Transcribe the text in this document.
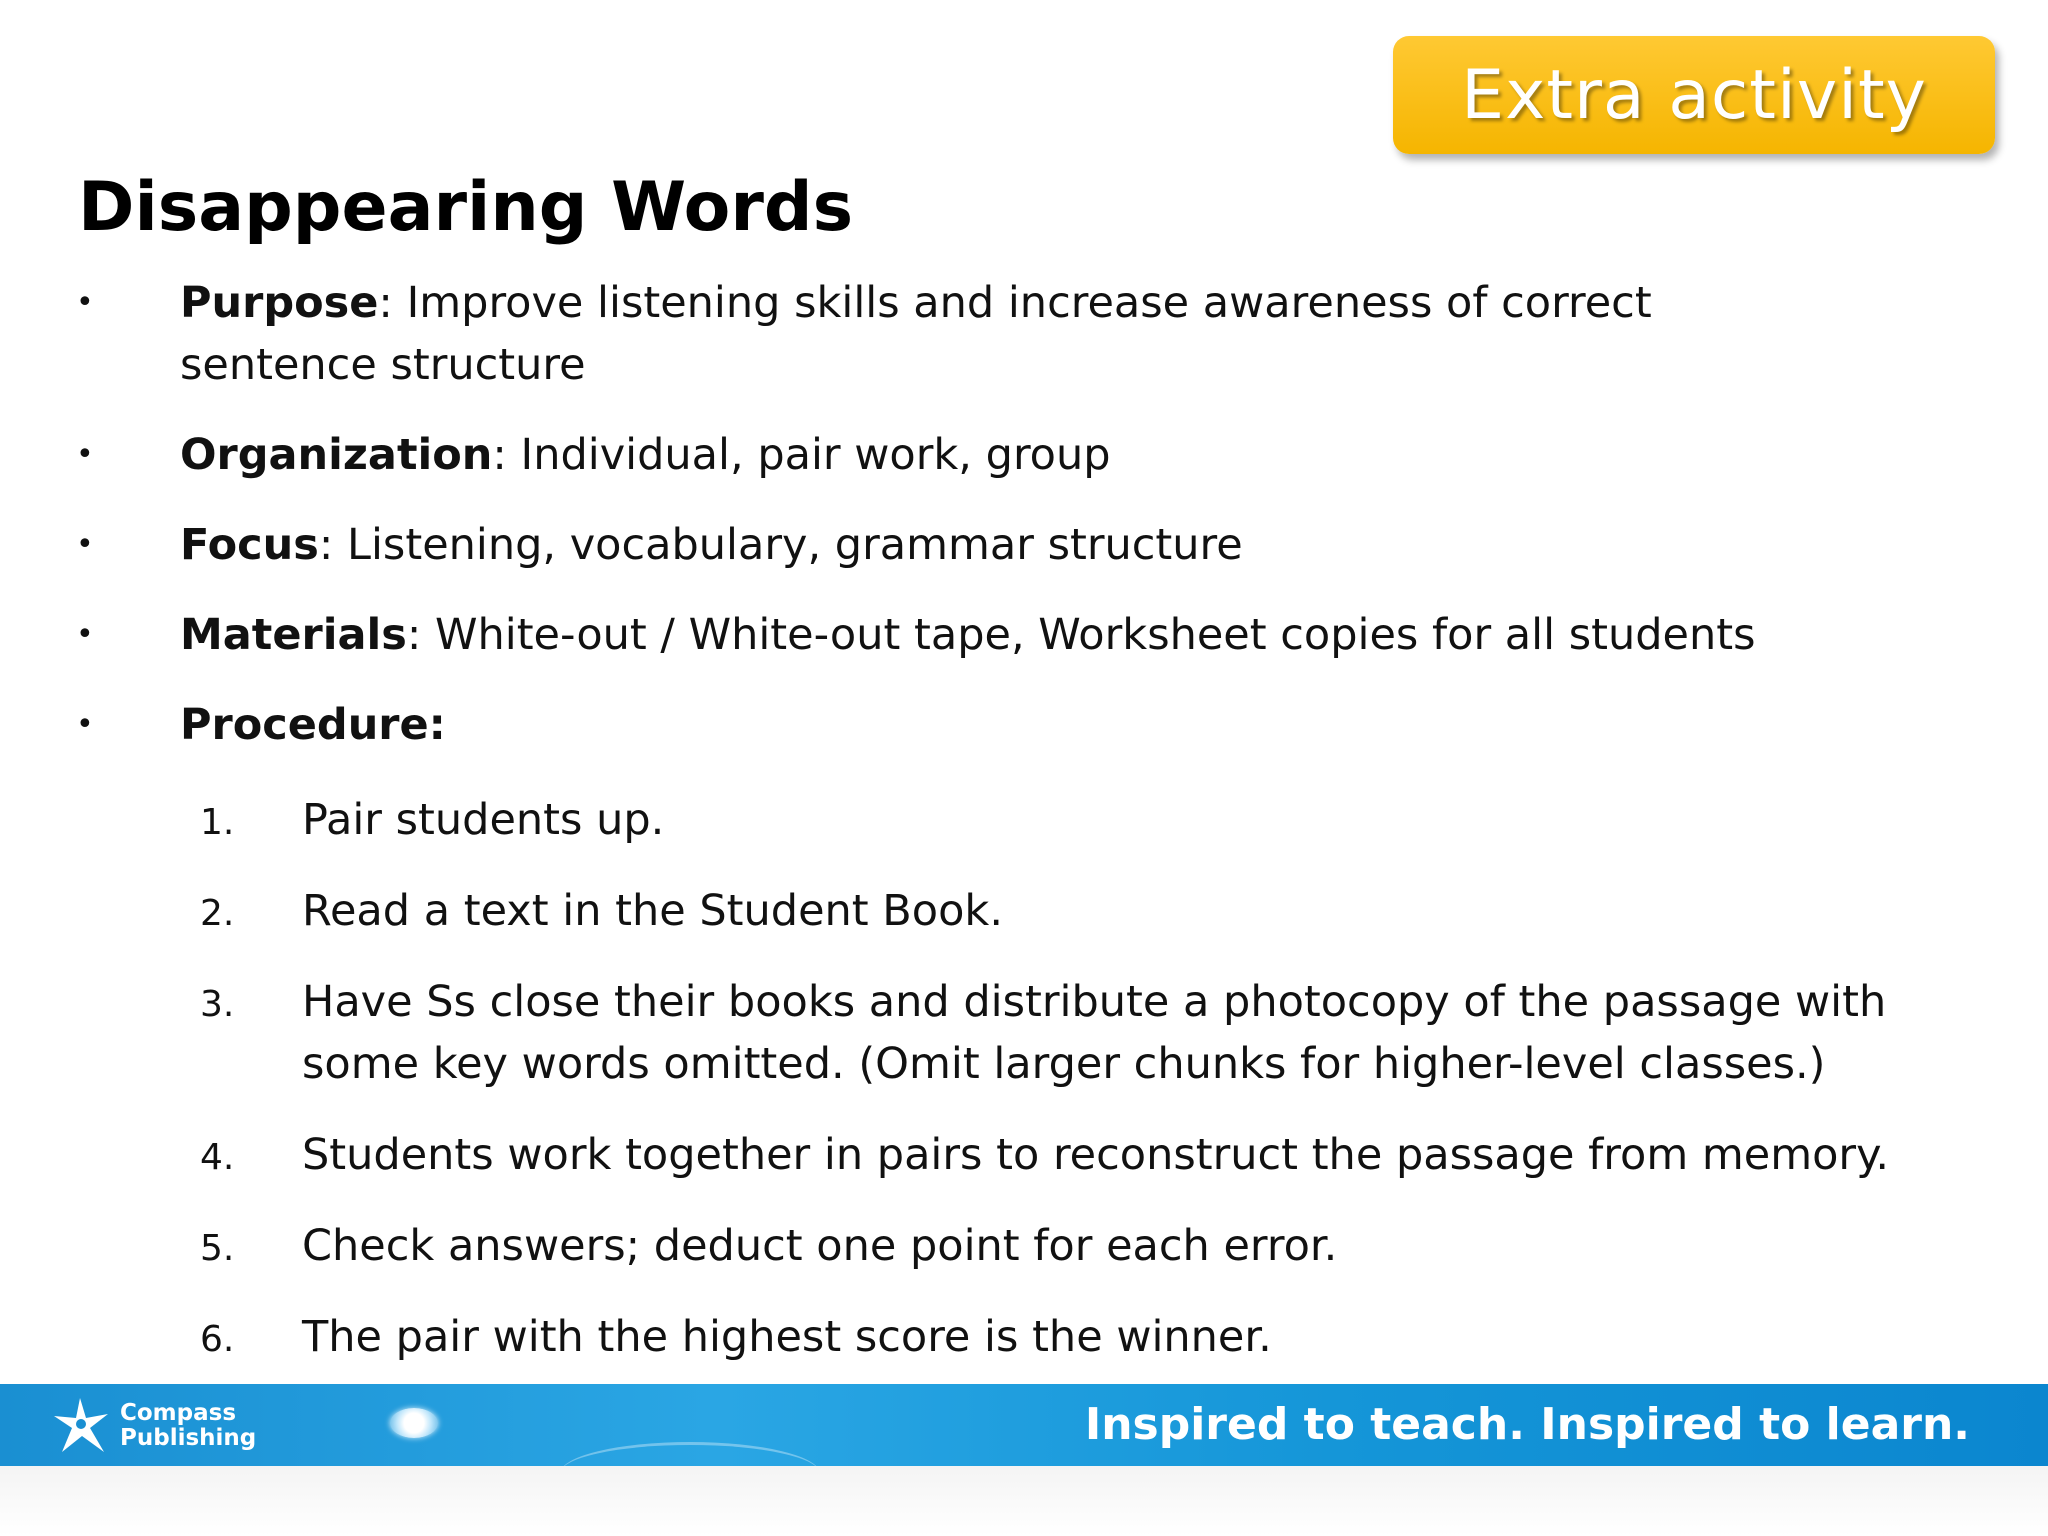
Extra activity
Disappearing Words
• Purpose: Improve listening skills and increase awareness of correct sentence structure
• Organization: Individual, pair work, group
• Focus: Listening, vocabulary, grammar structure
• Materials: White-out / White-out tape, Worksheet copies for all students
• Procedure:
1. Pair students up.
2. Read a text in the Student Book.
3. Have Ss close their books and distribute a photocopy of the passage with some key words omitted. (Omit larger chunks for higher-level classes.)
4. Students work together in pairs to reconstruct the passage from memory.
5. Check answers; deduct one point for each error.
6. The pair with the highest score is the winner.
Compass
Publishing	Inspired to teach. Inspired to learn.
